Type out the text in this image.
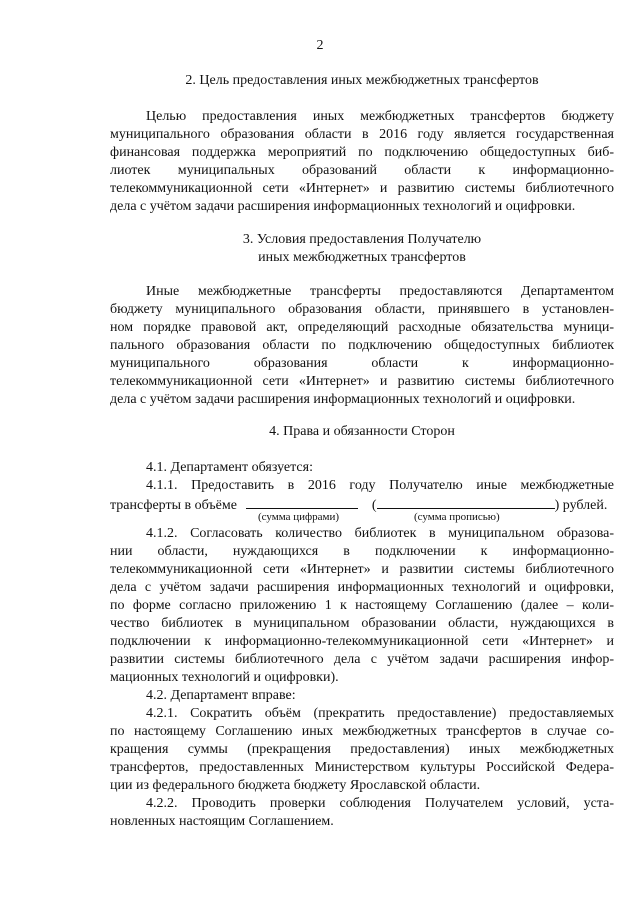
2

2. Цель предоставления иных межбюджетных трансфертов

Целью предоставления иных межбюджетных трансфертов бюджету

муниципального образования области в 2016 году является государственная

финансовая поддержка мероприятий по подключению общедоступных биб-

лиотек муниципальных образований области к информационно-

телекоммуникационной сети «Интернет» и развитию системы библиотечного

дела с учётом задачи расширения информационных технологий и оцифровки.

3. Условия предоставления Получателю

иных межбюджетных трансфертов

Иные межбюджетные трансферты предоставляются Департаментом

бюджету муниципального образования области, принявшего в установлен-

ном порядке правовой акт, определяющий расходные обязательства муници-

пального образования области по подключению общедоступных библиотек

муниципального образования области к информационно-

телекоммуникационной сети «Интернет» и развитию системы библиотечного

дела с учётом задачи расширения информационных технологий и оцифровки.

4. Права и обязанности Сторон

4.1. Департамент обязуется:

4.1.1. Предоставить в 2016 году Получателю иные межбюджетные

трансферты в объёме	(	) рублей.

(сумма цифрами)	(сумма прописью)

4.1.2. Согласовать количество библиотек в муниципальном образова-

нии области, нуждающихся в подключении к информационно-

телекоммуникационной сети «Интернет» и развитии системы библиотечного

дела с учётом задачи расширения информационных технологий и оцифровки,

по форме согласно приложению 1 к настоящему Соглашению (далее – коли-

чество библиотек в муниципальном образовании области, нуждающихся в

подключении к информационно-телекоммуникационной сети «Интернет» и

развитии системы библиотечного дела с учётом задачи расширения инфор-

мационных технологий и оцифровки).

4.2. Департамент вправе:

4.2.1. Сократить объём (прекратить предоставление) предоставляемых

по настоящему Соглашению иных межбюджетных трансфертов в случае со-

кращения суммы (прекращения предоставления) иных межбюджетных

трансфертов, предоставленных Министерством культуры Российской Федера-

ции из федерального бюджета бюджету Ярославской области.

4.2.2. Проводить проверки соблюдения Получателем условий, уста-

новленных настоящим Соглашением.
